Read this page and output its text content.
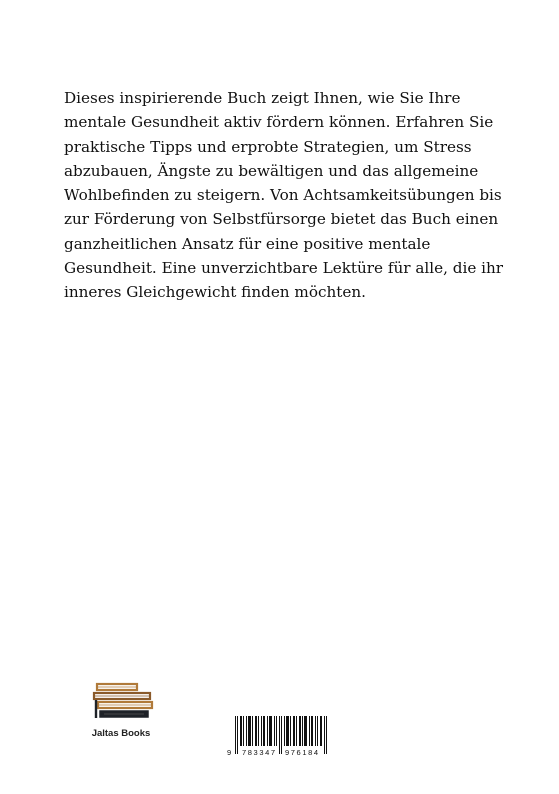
Dieses inspirierende Buch zeigt Ihnen, wie Sie Ihre mentale Gesundheit aktiv fördern können. Erfahren Sie praktische Tipps und erprobte Strategien, um Stress abzubauen, Ängste zu bewältigen und das allgemeine Wohlbefinden zu steigern. Von Achtsamkeitsübungen bis zur Förderung von Selbstfürsorge bietet das Buch einen ganzheitlichen Ansatz für eine positive mentale Gesundheit. Eine unverzichtbare Lektüre für alle, die ihr inneres Gleichgewicht finden möchten.

Jaltas Books
9 783347 976184
